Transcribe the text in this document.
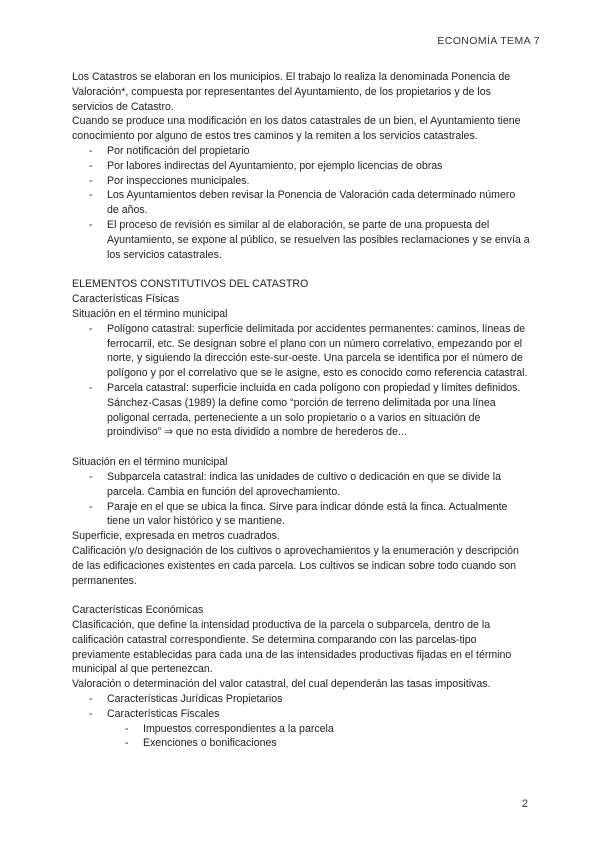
ECONOMÍA TEMA 7

Los Catastros se elaboran en los municipios. El trabajo lo realiza la denominada Ponencia de Valoración*, compuesta por representantes del Ayuntamiento, de los propietarios y de los servicios de Catastro.

Cuando se produce una modificación en los datos catastrales de un bien, el Ayuntamiento tiene conocimiento por alguno de estos tres caminos y la remiten a los servicios catastrales.

- Por notificación del propietario
- Por labores indirectas del Ayuntamiento, por ejemplo licencias de obras
- Por inspecciones municipales.
- Los Ayuntamientos deben revisar la Ponencia de Valoración cada determinado número de años.
- El proceso de revisión es similar al de elaboración, se parte de una propuesta del Ayuntamiento, se expone al público, se resuelven las posibles reclamaciones y se envía a los servicios catastrales.

ELEMENTOS CONSTITUTIVOS DEL CATASTRO

Características Físicas

Situación en el término municipal

- Polígono catastral: superficie delimitada por accidentes permanentes: caminos, líneas de ferrocarril, etc. Se designan sobre el plano con un número correlativo, empezando por el norte, y siguiendo la dirección este-sur-oeste. Una parcela se identifica por el número de polígono y por el correlativo que se le asigne, esto es conocido como referencia catastral.
- Parcela catastral: superficie incluida en cada polígono con propiedad y límites definidos. Sánchez-Casas (1989) la define como “porción de terreno delimitada por una línea poligonal cerrada, perteneciente a un solo propietario o a varios en situación de proindiviso” ⇒ que no esta dividido a nombre de herederos de...

Situación en el término municipal

- Subparcela catastral: indica las unidades de cultivo o dedicación en que se divide la parcela. Cambia en función del aprovechamiento.
- Paraje en el que se ubica la finca. Sirve para indicar dónde está la finca. Actualmente tiene un valor histórico y se mantiene.

Superficie, expresada en metros cuadrados.

Calificación y/o designación de los cultivos o aprovechamientos y la enumeración y descripción de las edificaciones existentes en cada parcela. Los cultivos se indican sobre todo cuando son permanentes.

Características Económicas

Clasificación, que define la intensidad productiva de la parcela o subparcela, dentro de la calificación catastral correspondiente. Se determina comparando con las parcelas-tipo previamente establecidas para cada una de las intensidades productivas fijadas en el término municipal al que pertenezcan.

Valoración o determinación del valor catastral, del cual dependerán las tasas impositivas.

- Características Jurídicas Propietarios
- Características Fiscales
- Impuestos correspondientes a la parcela
- Exenciones o bonificaciones
2
